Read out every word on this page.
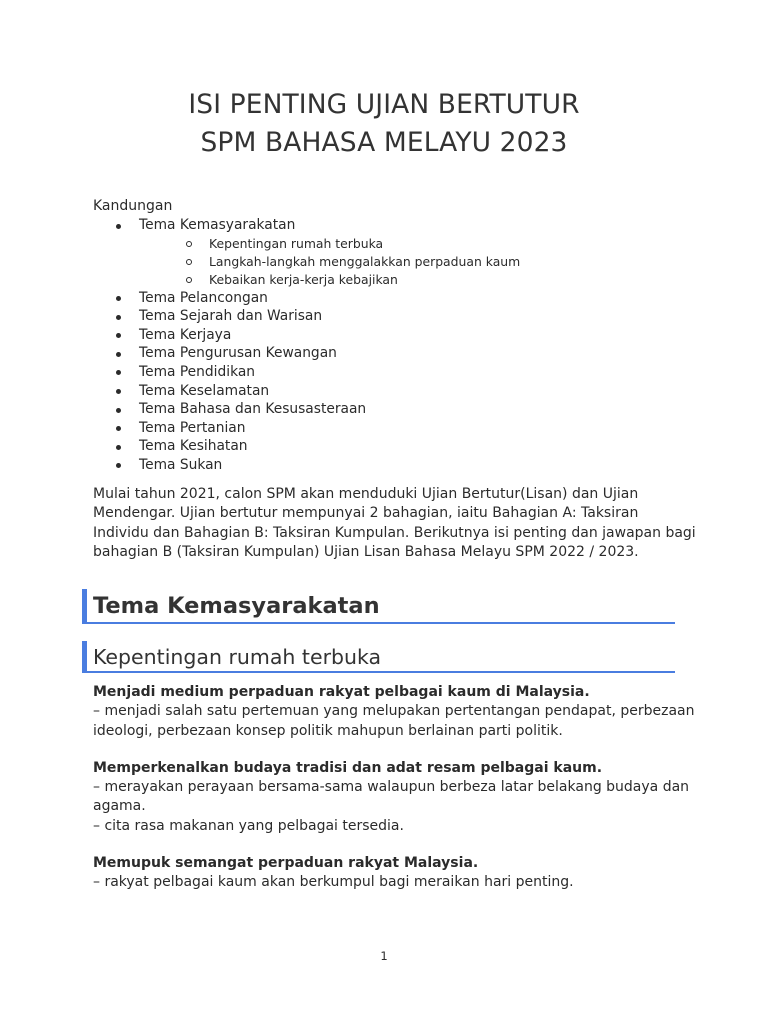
ISI PENTING UJIAN BERTUTUR
SPM BAHASA MELAYU 2023
Kandungan
Tema Kemasyarakatan
Kepentingan rumah terbuka
Langkah-langkah menggalakkan perpaduan kaum
Kebaikan kerja-kerja kebajikan
Tema Pelancongan
Tema Sejarah dan Warisan
Tema Kerjaya
Tema Pengurusan Kewangan
Tema Pendidikan
Tema Keselamatan
Tema Bahasa dan Kesusasteraan
Tema Pertanian
Tema Kesihatan
Tema Sukan
Mulai tahun 2021, calon SPM akan menduduki Ujian Bertutur(Lisan) dan Ujian
Mendengar. Ujian bertutur mempunyai 2 bahagian, iaitu Bahagian A: Taksiran
Individu dan Bahagian B: Taksiran Kumpulan. Berikutnya isi penting dan jawapan bagi
bahagian B (Taksiran Kumpulan) Ujian Lisan Bahasa Melayu SPM 2022 / 2023.
Tema Kemasyarakatan
Kepentingan rumah terbuka
Menjadi medium perpaduan rakyat pelbagai kaum di Malaysia.
– menjadi salah satu pertemuan yang melupakan pertentangan pendapat, perbezaan
ideologi, perbezaan konsep politik mahupun berlainan parti politik.
Memperkenalkan budaya tradisi dan adat resam pelbagai kaum.
– merayakan perayaan bersama-sama walaupun berbeza latar belakang budaya dan
agama.
– cita rasa makanan yang pelbagai tersedia.
Memupuk semangat perpaduan rakyat Malaysia.
– rakyat pelbagai kaum akan berkumpul bagi meraikan hari penting.
1
